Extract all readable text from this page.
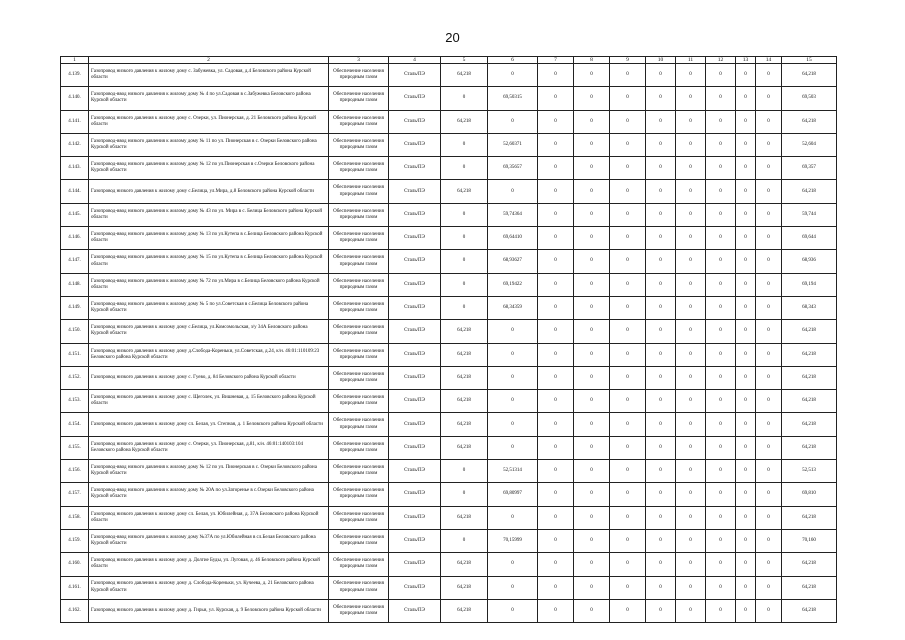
20
1	2	3	4	5	6	7	8	9	10	11	12	13	14	15
4.139.	Газопровод низкого давления к жилому дому с. Забужевка, ул. Садовая, д.4 Беловского района Курской области	Обеспечение населения природным газом	Сталь/ПЭ	64,218	0	0	0	0	0	0	0	0	0	64,218
4.140.	Газопровод-ввод низкого давления к жилому дому № 4 по ул.Садовая в с.Забужевка Беловского района Курской области	Обеспечение населения природным газом	Сталь/ПЭ	0	69,50315	0	0	0	0	0	0	0	0	69,503
4.141.	Газопровод низкого давления к жилому дому с. Озерки, ул. Пионерская, д. 21 Беловского района Курской области	Обеспечение населения природным газом	Сталь/ПЭ	64,218	0	0	0	0	0	0	0	0	0	64,218
4.142.	Газопровод-ввод низкого давления к жилому дому № 11 по ул. Пионерская в с. Озерки Беловского района Курской области	Обеспечение населения природным газом	Сталь/ПЭ	0	52,60371	0	0	0	0	0	0	0	0	52,604
4.143.	Газопровод-ввод низкого давления к жилому дому № 12 по ул.Пионерская в с.Озерки Беловского района Курской области	Обеспечение населения природным газом	Сталь/ПЭ	0	69,35657	0	0	0	0	0	0	0	0	69,357
4.144.	Газопровод низкого давления к жилому дому с.Белица, ул.Мира, д.8 Беловского района Курской области	Обеспечение населения природным газом	Сталь/ПЭ	64,218	0	0	0	0	0	0	0	0	0	64,218
4.145.	Газопровод-ввод низкого давления к жилому дому № 43 по ул. Мира в с. Белица Беловского района Курской области	Обеспечение населения природным газом	Сталь/ПЭ	0	59,74364	0	0	0	0	0	0	0	0	59,744
4.146.	Газопровод-ввод низкого давления к жилому дому № 13 по ул.Кутепа в с.Белица Беловского района Курской области	Обеспечение населения природным газом	Сталь/ПЭ	0	69,64410	0	0	0	0	0	0	0	0	69,644
4.147.	Газопровод-ввод низкого давления к жилому дому № 15 по ул.Кутепа в с.Белица Беловского района Курской области	Обеспечение населения природным газом	Сталь/ПЭ	0	68,93627	0	0	0	0	0	0	0	0	68,936
4.148.	Газопровод-ввод низкого давления к жилому дому № 72 по ул.Мира в с.Белица Беловского района Курской области	Обеспечение населения природным газом	Сталь/ПЭ	0	69,19422	0	0	0	0	0	0	0	0	69,194
4.149.	Газопровод-ввод низкого давления к жилому дому № 5 по ул.Советская в с.Белица Беловского района Курской области	Обеспечение населения природным газом	Сталь/ПЭ	0	68,34359	0	0	0	0	0	0	0	0	68,343
4.150.	Газопровод низкого давления к жилому дому с.Белица, ул.Комсомольская, з/у 34А Беловского района Курской области	Обеспечение населения природным газом	Сталь/ПЭ	64,218	0	0	0	0	0	0	0	0	0	64,218
4.151.	Газопровод низкого давления к жилому дому д.Слобода-Кореньки, ул.Советская, д.24, к/н. 46:01:110109:23 Беловского района Курской области	Обеспечение населения природным газом	Сталь/ПЭ	64,218	0	0	0	0	0	0	0	0	0	64,218
4.152.	Газопровод низкого давления к жилому дому с. Гуево, д. 84 Беловского района Курской области	Обеспечение населения природным газом	Сталь/ПЭ	64,218	0	0	0	0	0	0	0	0	0	64,218
4.153.	Газопровод низкого давления к жилому дому с. Щеголек, ул. Вишневая, д. 15 Беловского района Курской области	Обеспечение населения природным газом	Сталь/ПЭ	64,218	0	0	0	0	0	0	0	0	0	64,218
4.154.	Газопровод низкого давления к жилому дому сл. Белая, ул. Степная, д. 1 Беловского района Курской области	Обеспечение населения природным газом	Сталь/ПЭ	64,218	0	0	0	0	0	0	0	0	0	64,218
4.155.	Газопровод низкого давления к жилому дому с. Озерки, ул. Пионерская, д.81, к/н. 46:01:140103:104 Беловского района Курской области	Обеспечение населения природным газом	Сталь/ПЭ	64,218	0	0	0	0	0	0	0	0	0	64,218
4.156.	Газопровод-ввод низкого давления к жилому дому № 12 по ул. Пионерская в с. Озерки Беловского района Курской области	Обеспечение населения природным газом	Сталь/ПЭ	0	52,51314	0	0	0	0	0	0	0	0	52,513
4.157.	Газопровод-ввод низкого давления к жилому дому № 20А по ул.Заторенье в с.Озерки Беловского района Курской области	Обеспечение населения природным газом	Сталь/ПЭ	0	69,80997	0	0	0	0	0	0	0	0	69,810
4.158.	Газопровод низкого давления к жилому дому сл. Белая, ул. Юбилейная, д. 37А Беловского района Курской области	Обеспечение населения природным газом	Сталь/ПЭ	64,218	0	0	0	0	0	0	0	0	0	64,218
4.159.	Газопровод-ввод низкого давления к жилому дому №37А по ул.Юбилейная в сл.Белая Беловского района Курской области	Обеспечение населения природным газом	Сталь/ПЭ	0	70,15999	0	0	0	0	0	0	0	0	70,160
4.160.	Газопровод низкого давления к жилому дому д. Долгие Буды, ул. Луговая, д. 46 Беловского района Курской области	Обеспечение населения природным газом	Сталь/ПЭ	64,218	0	0	0	0	0	0	0	0	0	64,218
4.161.	Газопровод низкого давления к жилому дому д. Слобода-Кореньки, ул. Кучеева, д. 21 Беловского района Курской области	Обеспечение населения природным газом	Сталь/ПЭ	64,218	0	0	0	0	0	0	0	0	0	64,218
4.162.	Газопровод низкого давления к жилому дому д. Гирьи, ул. Курская, д. 9 Беловского района Курской области	Обеспечение населения природным газом	Сталь/ПЭ	64,218	0	0	0	0	0	0	0	0	0	64,218
